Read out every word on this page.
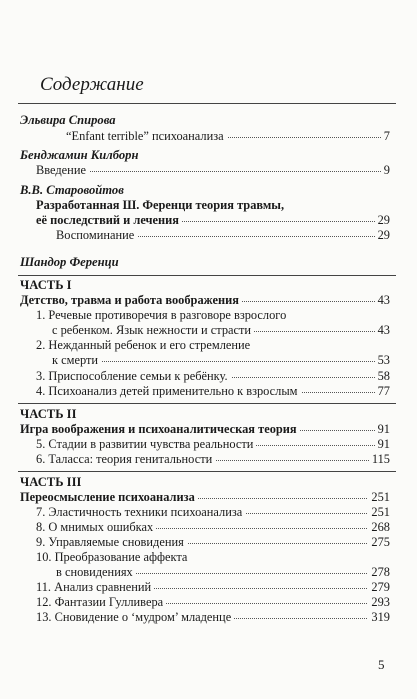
Содержание
Эльвира Спирова
“Enfant terrible” психоанализа	7
Бенджамин Килборн
Введение	9
В.В. Старовойтов
Разработанная Ш. Ференци теория травмы,
её последствий и лечения	29
Воспоминание	29
Шандор Ференци
ЧАСТЬ I
Детство, травма и работа воображения	43
1. Речевые противоречия в разговоре взрослого
с ребенком. Язык нежности и страсти	43
2. Нежданный ребенок и его стремление
к смерти	53
3. Приспособление семьи к ребёнку.	58
4. Психоанализ детей применительно к взрослым	77
ЧАСТЬ II
Игра воображения и психоаналитическая теория	91
5. Стадии в развитии чувства реальности	91
6. Таласса: теория генитальности	115
ЧАСТЬ III
Переосмысление психоанализа	251
7. Эластичность техники психоанализа	251
8. О мнимых ошибках	268
9. Управляемые сновидения	275
10. Преобразование аффекта
в сновидениях	278
11. Анализ сравнений	279
12. Фантазии Гулливера	293
13. Сновидение о ‘мудром’ младенце	319
5
